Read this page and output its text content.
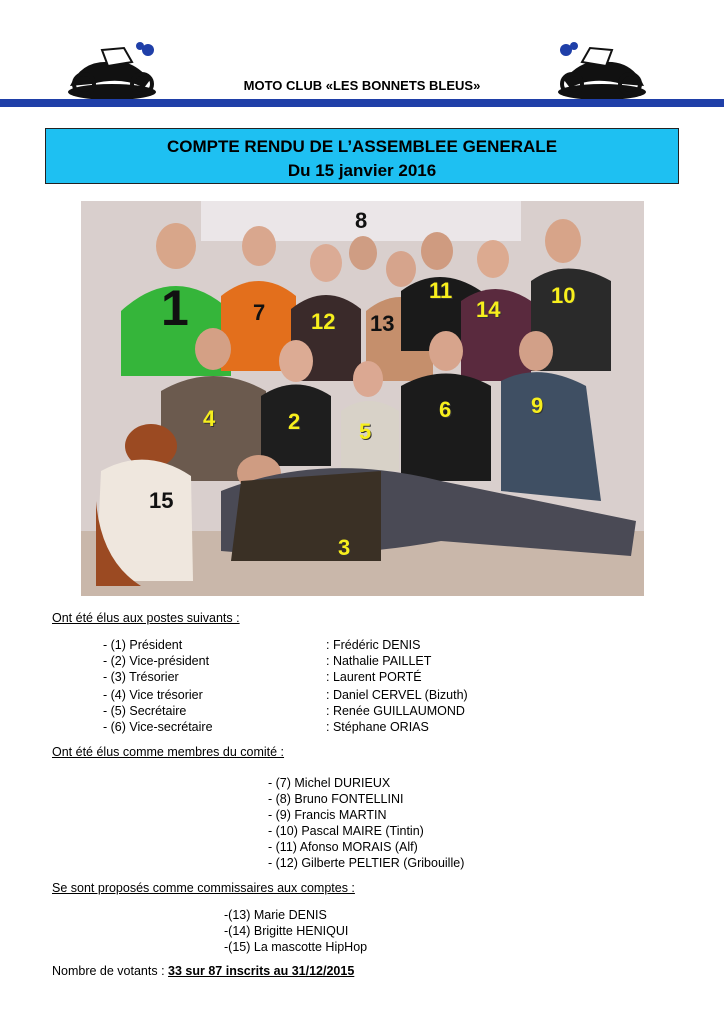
MOTO CLUB «LES BONNETS BLEUS»
COMPTE RENDU DE L’ASSEMBLEE GENERALE
Du 15 janvier 2016
1
2
3
4
5
6
7
8
9
10
11
12 13
14
15
Ont été élus aux postes suivants :
- (1) Président	: Frédéric DENIS
- (2) Vice-président	: Nathalie PAILLET
- (3) Trésorier	: Laurent PORTÉ
- (4) Vice trésorier	: Daniel CERVEL (Bizuth)
- (5) Secrétaire	: Renée GUILLAUMOND
- (6) Vice-secrétaire	: Stéphane ORIAS
Ont été élus comme membres du comité :
- (7) Michel DURIEUX
- (8) Bruno FONTELLINI
- (9) Francis MARTIN
- (10) Pascal MAIRE (Tintin)
- (11) Afonso MORAIS (Alf)
- (12) Gilberte PELTIER (Gribouille)
Se sont proposés comme commissaires aux comptes :
-(13) Marie DENIS
-(14) Brigitte HENIQUI
-(15) La mascotte HipHop
Nombre de votants : 33 sur 87 inscrits au 31/12/2015
